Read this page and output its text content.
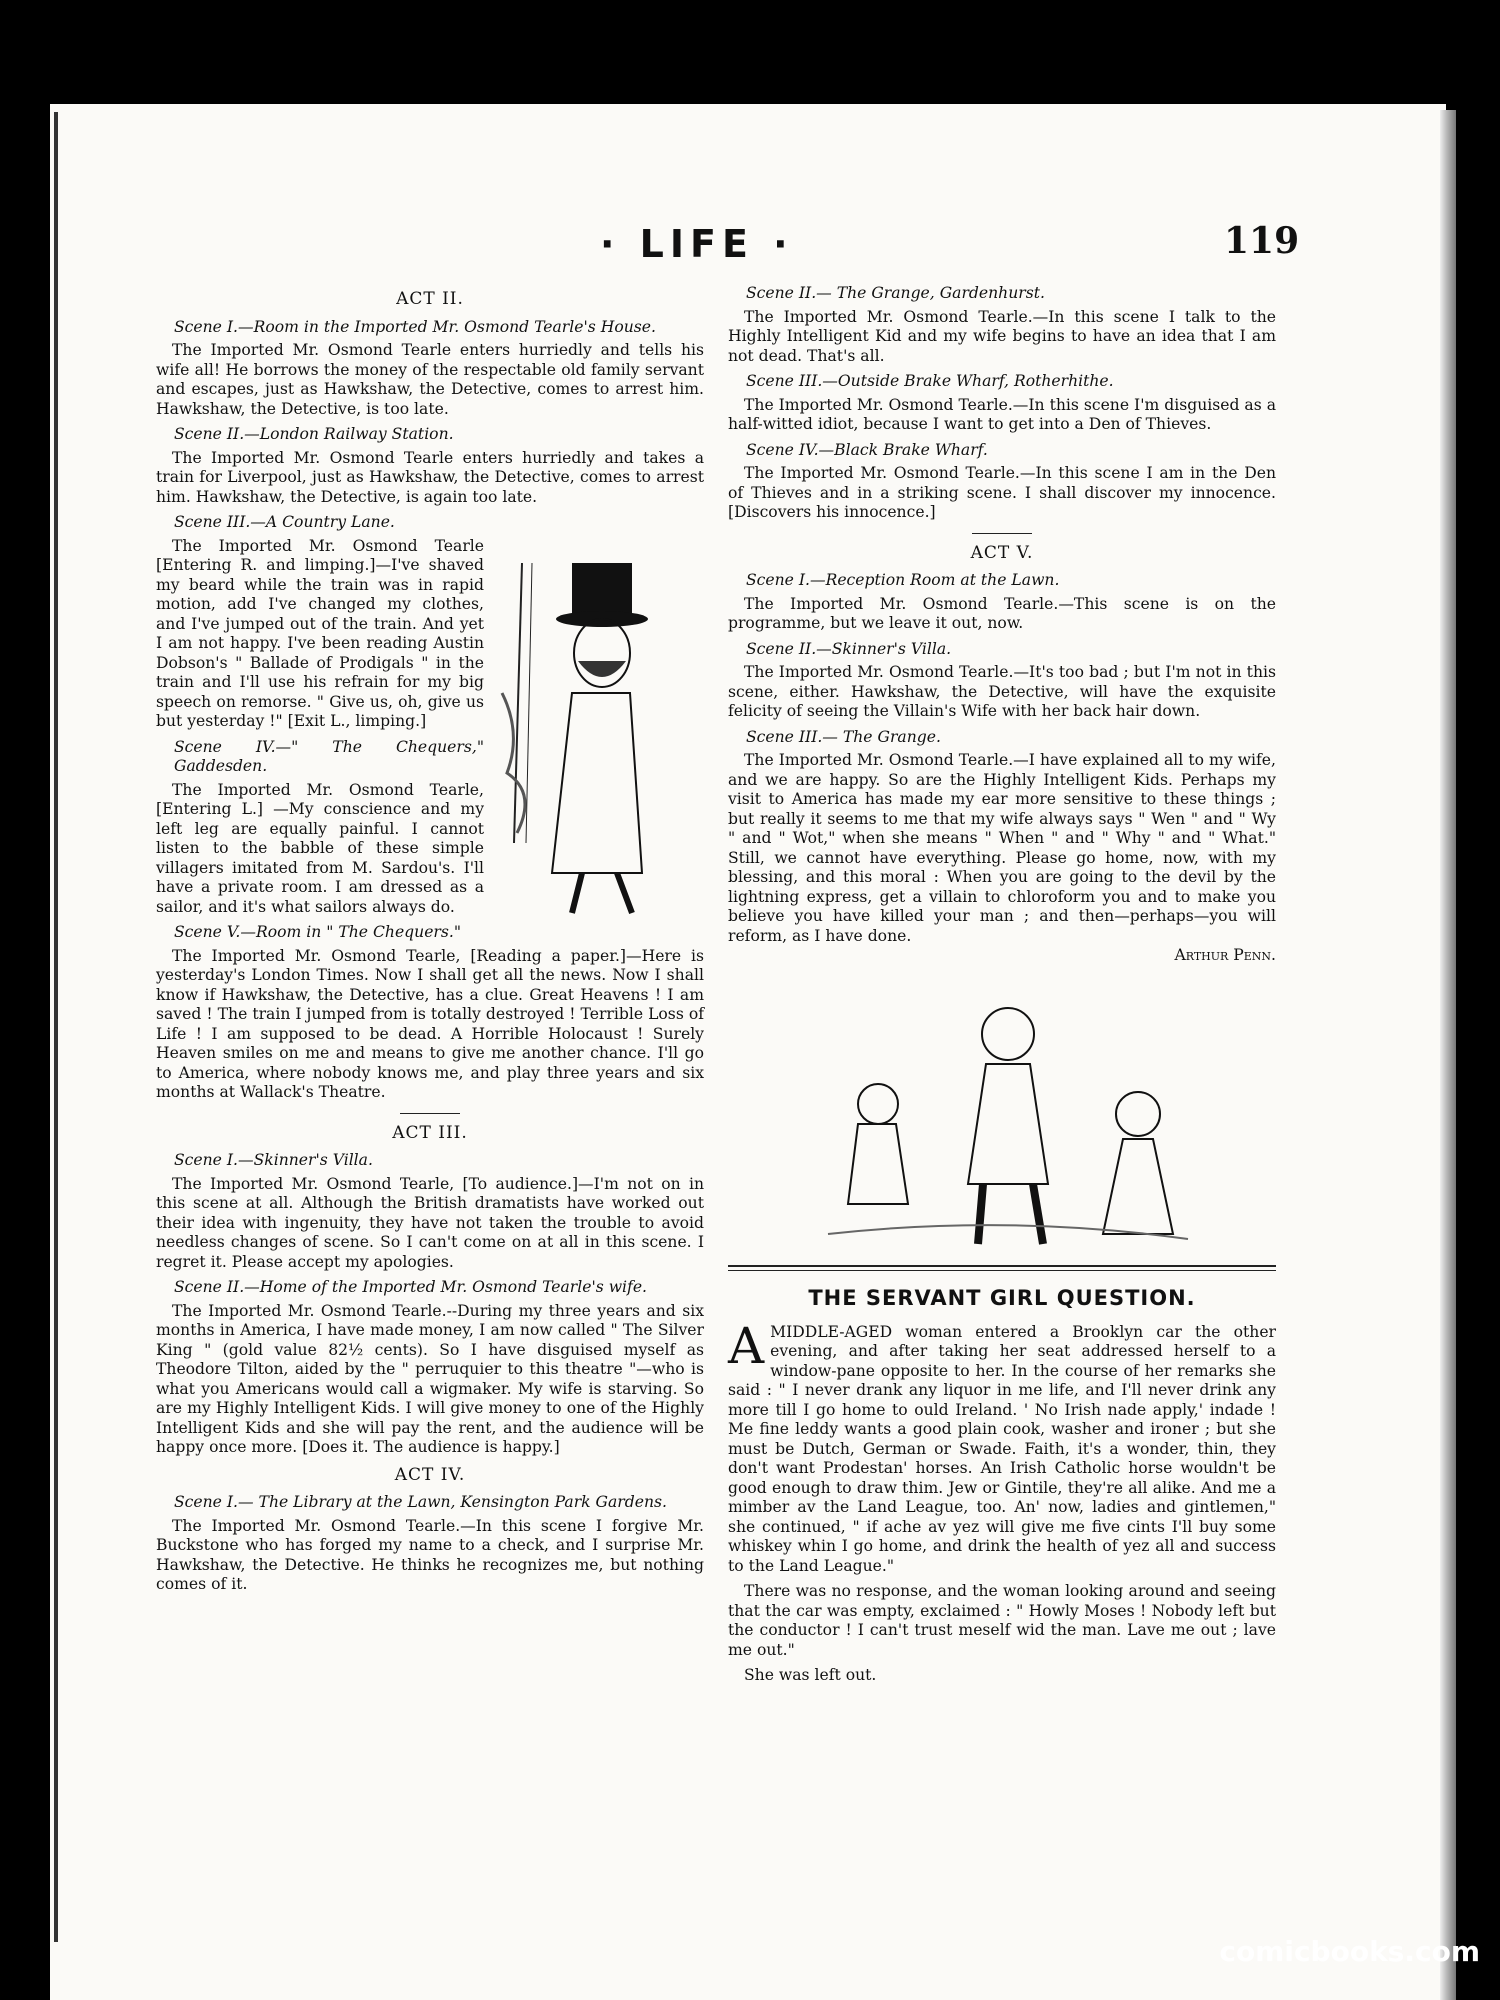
· LIFE ·	119
ACT II.
Scene I.—Room in the Imported Mr. Osmond Tearle's House.

The Imported Mr. Osmond Tearle enters hurriedly and tells his wife all! He borrows the money of the respectable old family servant and escapes, just as Hawkshaw, the Detective, comes to arrest him. Hawkshaw, the Detective, is too late.

Scene II.—London Railway Station.

The Imported Mr. Osmond Tearle enters hurriedly and takes a train for Liverpool, just as Hawkshaw, the Detective, comes to arrest him. Hawkshaw, the Detective, is again too late.

Scene III.—A Country Lane.

The Imported Mr. Osmond Tearle [Entering R. and limping.]—I've shaved my beard while the train was in rapid motion, add I've changed my clothes, and I've jumped out of the train. And yet I am not happy. I've been reading Austin Dobson's " Ballade of Prodigals " in the train and I'll use his refrain for my big speech on remorse. " Give us, oh, give us but yesterday !" [Exit L., limping.]

Scene IV.—" The Chequers," Gaddesden.

The Imported Mr. Osmond Tearle, [Entering L.] —My conscience and my left leg are equally painful. I cannot listen to the babble of these simple villagers imitated from M. Sardou's. I'll have a private room. I am dressed as a sailor, and it's what sailors always do.

Scene V.—Room in " The Chequers."

The Imported Mr. Osmond Tearle, [Reading a paper.]—Here is yesterday's London Times. Now I shall get all the news. Now I shall know if Hawkshaw, the Detective, has a clue. Great Heavens ! I am saved ! The train I jumped from is totally destroyed ! Terrible Loss of Life ! I am supposed to be dead. A Horrible Holocaust ! Surely Heaven smiles on me and means to give me another chance. I'll go to America, where nobody knows me, and play three years and six months at Wallack's Theatre.

ACT III.
Scene I.—Skinner's Villa.

The Imported Mr. Osmond Tearle, [To audience.]—I'm not on in this scene at all. Although the British dramatists have worked out their idea with ingenuity, they have not taken the trouble to avoid needless changes of scene. So I can't come on at all in this scene. I regret it. Please accept my apologies.

Scene II.—Home of the Imported Mr. Osmond Tearle's wife.

The Imported Mr. Osmond Tearle.--During my three years and six months in America, I have made money, I am now called " The Silver King " (gold value 82½ cents). So I have disguised myself as Theodore Tilton, aided by the " perruquier to this theatre "—who is what you Americans would call a wigmaker. My wife is starving. So are my Highly Intelligent Kids. I will give money to one of the Highly Intelligent Kids and she will pay the rent, and the audience will be happy once more. [Does it. The audience is happy.]

ACT IV.
Scene I.— The Library at the Lawn, Kensington Park Gardens.

The Imported Mr. Osmond Tearle.—In this scene I forgive Mr. Buckstone who has forged my name to a check, and I surprise Mr. Hawkshaw, the Detective. He thinks he recognizes me, but nothing comes of it.

Scene II.— The Grange, Gardenhurst.

The Imported Mr. Osmond Tearle.—In this scene I talk to the Highly Intelligent Kid and my wife begins to have an idea that I am not dead. That's all.

Scene III.—Outside Brake Wharf, Rotherhithe.

The Imported Mr. Osmond Tearle.—In this scene I'm disguised as a half-witted idiot, because I want to get into a Den of Thieves.

Scene IV.—Black Brake Wharf.

The Imported Mr. Osmond Tearle.—In this scene I am in the Den of Thieves and in a striking scene. I shall discover my innocence. [Discovers his innocence.]

ACT V.
Scene I.—Reception Room at the Lawn.

The Imported Mr. Osmond Tearle.—This scene is on the programme, but we leave it out, now.

Scene II.—Skinner's Villa.

The Imported Mr. Osmond Tearle.—It's too bad ; but I'm not in this scene, either. Hawkshaw, the Detective, will have the exquisite felicity of seeing the Villain's Wife with her back hair down.

Scene III.— The Grange.

The Imported Mr. Osmond Tearle.—I have explained all to my wife, and we are happy. So are the Highly Intelligent Kids. Perhaps my visit to America has made my ear more sensitive to these things ; but really it seems to me that my wife always says " Wen " and " Wy " and " Wot," when she means " When " and " Why " and " What." Still, we cannot have everything. Please go home, now, with my blessing, and this moral : When you are going to the devil by the lightning express, get a villain to chloroform you and to make you believe you have killed your man ; and then—perhaps—you will reform, as I have done.

Arthur Penn.
THE SERVANT GIRL QUESTION.
A MIDDLE-AGED woman entered a Brooklyn car the other evening, and after taking her seat addressed herself to a window-pane opposite to her. In the course of her remarks she said : " I never drank any liquor in me life, and I'll never drink any more till I go home to ould Ireland. ' No Irish nade apply,' indade ! Me fine leddy wants a good plain cook, washer and ironer ; but she must be Dutch, German or Swade. Faith, it's a wonder, thin, they don't want Prodestan' horses. An Irish Catholic horse wouldn't be good enough to draw thim. Jew or Gintile, they're all alike. And me a mimber av the Land League, too. An' now, ladies and gintlemen," she continued, " if ache av yez will give me five cints I'll buy some whiskey whin I go home, and drink the health of yez all and success to the Land League."

There was no response, and the woman looking around and seeing that the car was empty, exclaimed : " Howly Moses ! Nobody left but the conductor ! I can't trust meself wid the man. Lave me out ; lave me out."

She was left out.

comicbooks.com
